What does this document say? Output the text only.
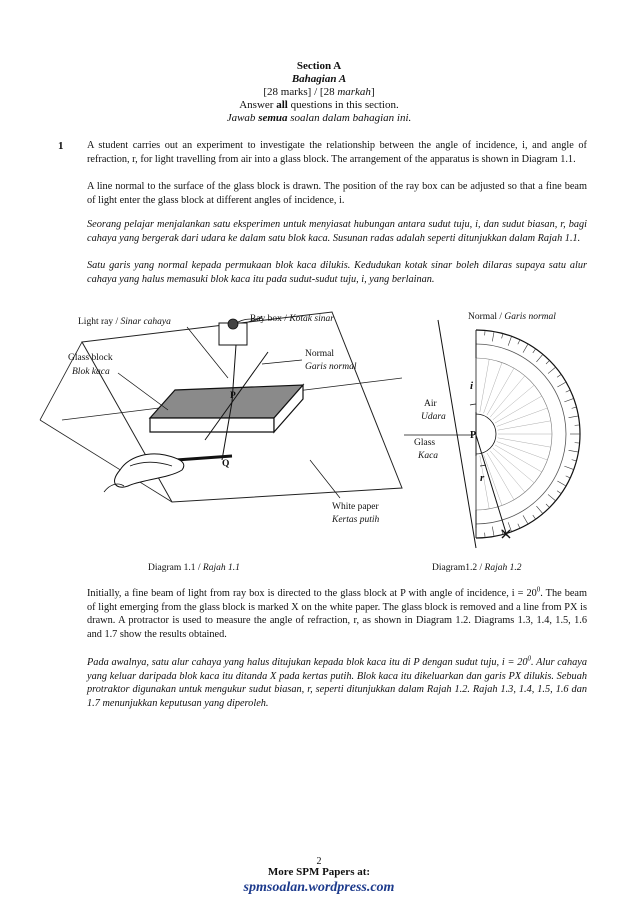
Section A
Bahagian A
[28 marks] / [28 markah]
Answer all questions in this section.
Jawab semua soalan dalam bahagian ini.
1 A student carries out an experiment to investigate the relationship between the angle of incidence, i, and angle of refraction, r, for light travelling from air into a glass block. The arrangement of the apparatus is shown in Diagram 1.1.
A line normal to the surface of the glass block is drawn. The position of the ray box can be adjusted so that a fine beam of light enter the glass block at different angles of incidence, i.
Seorang pelajar menjalankan satu eksperimen untuk menyiasat hubungan antara sudut tuju, i, dan sudut biasan, r, bagi cahaya yang bergerak dari udara ke dalam satu blok kaca. Susunan radas adalah seperti ditunjukkan dalam Rajah 1.1.
Satu garis yang normal kepada permukaan blok kaca dilukis. Kedudukan kotak sinar boleh dilaras supaya satu alur cahaya yang halus memasuki blok kaca itu pada sudut-sudut tuju, i, yang berlainan.
Light ray / Sinar cahaya	Ray box / Kotak sinar
Glass block
Blok kaca
Normal
Garis normal
P
Q
White paper
Kertas putih
Diagram 1.1 / Rajah 1.1
Normal / Garis normal
Air
Udara
Glass
Kaca
P
i
r
Diagram1.2 / Rajah 1.2
Initially, a fine beam of light from ray box is directed to the glass block at P with angle of incidence, $i = 20^0$. The beam of light emerging from the glass block is marked X on the white paper. The glass block is removed and a line from PX is drawn. A protractor is used to measure the angle of refraction, r, as shown in Diagram 1.2. Diagrams 1.3, 1.4, 1.5, 1.6 and 1.7 show the results obtained.
Pada awalnya, satu alur cahaya yang halus ditujukan kepada blok kaca itu di P dengan sudut tuju, $i = 20^0$. Alur cahaya yang keluar daripada blok kaca itu ditanda X pada kertas putih. Blok kaca itu dikeluarkan dan garis PX dilukis. Sebuah protraktor digunakan untuk mengukur sudut biasan, r, seperti ditunjukkan dalam Rajah 1.2. Rajah 1.3, 1.4, 1.5, 1.6 dan 1.7 menunjukkan keputusan yang diperoleh.
2
More SPM Papers at:
spmsoalan.wordpress.com
